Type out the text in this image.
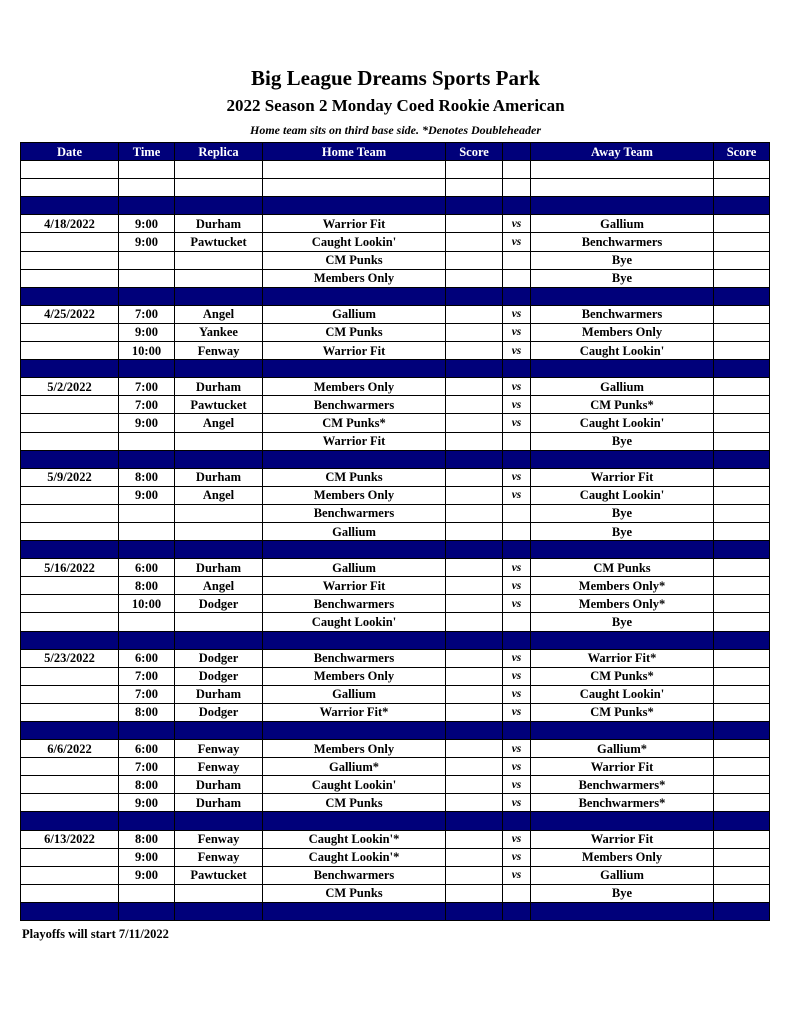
Big League Dreams Sports Park
2022 Season 2 Monday Coed Rookie American
Home team sits on third base side. *Denotes Doubleheader
Date	Time	Replica	Home Team	Score		Away Team	Score

4/18/2022	9:00	Durham	Warrior Fit		vs	Gallium	
	9:00	Pawtucket	Caught Lookin'		vs	Benchwarmers	
			CM Punks			Bye	
			Members Only			Bye	

4/25/2022	7:00	Angel	Gallium		vs	Benchwarmers	
	9:00	Yankee	CM Punks		vs	Members Only	
	10:00	Fenway	Warrior Fit		vs	Caught Lookin'	

5/2/2022	7:00	Durham	Members Only		vs	Gallium	
	7:00	Pawtucket	Benchwarmers		vs	CM Punks*	
	9:00	Angel	CM Punks*		vs	Caught Lookin'	
			Warrior Fit			Bye	

5/9/2022	8:00	Durham	CM Punks		vs	Warrior Fit	
	9:00	Angel	Members Only		vs	Caught Lookin'	
			Benchwarmers			Bye	
			Gallium			Bye	

5/16/2022	6:00	Durham	Gallium		vs	CM Punks	
	8:00	Angel	Warrior Fit		vs	Members Only*	
	10:00	Dodger	Benchwarmers		vs	Members Only*	
			Caught Lookin'			Bye	

5/23/2022	6:00	Dodger	Benchwarmers		vs	Warrior Fit*	
	7:00	Dodger	Members Only		vs	CM Punks*	
	7:00	Durham	Gallium		vs	Caught Lookin'	
	8:00	Dodger	Warrior Fit*		vs	CM Punks*	

6/6/2022	6:00	Fenway	Members Only		vs	Gallium*	
	7:00	Fenway	Gallium*		vs	Warrior Fit	
	8:00	Durham	Caught Lookin'		vs	Benchwarmers*	
	9:00	Durham	CM Punks		vs	Benchwarmers*	

6/13/2022	8:00	Fenway	Caught Lookin'*		vs	Warrior Fit	
	9:00	Fenway	Caught Lookin'*		vs	Members Only	
	9:00	Pawtucket	Benchwarmers		vs	Gallium	
			CM Punks			Bye	

Playoffs will start 7/11/2022
